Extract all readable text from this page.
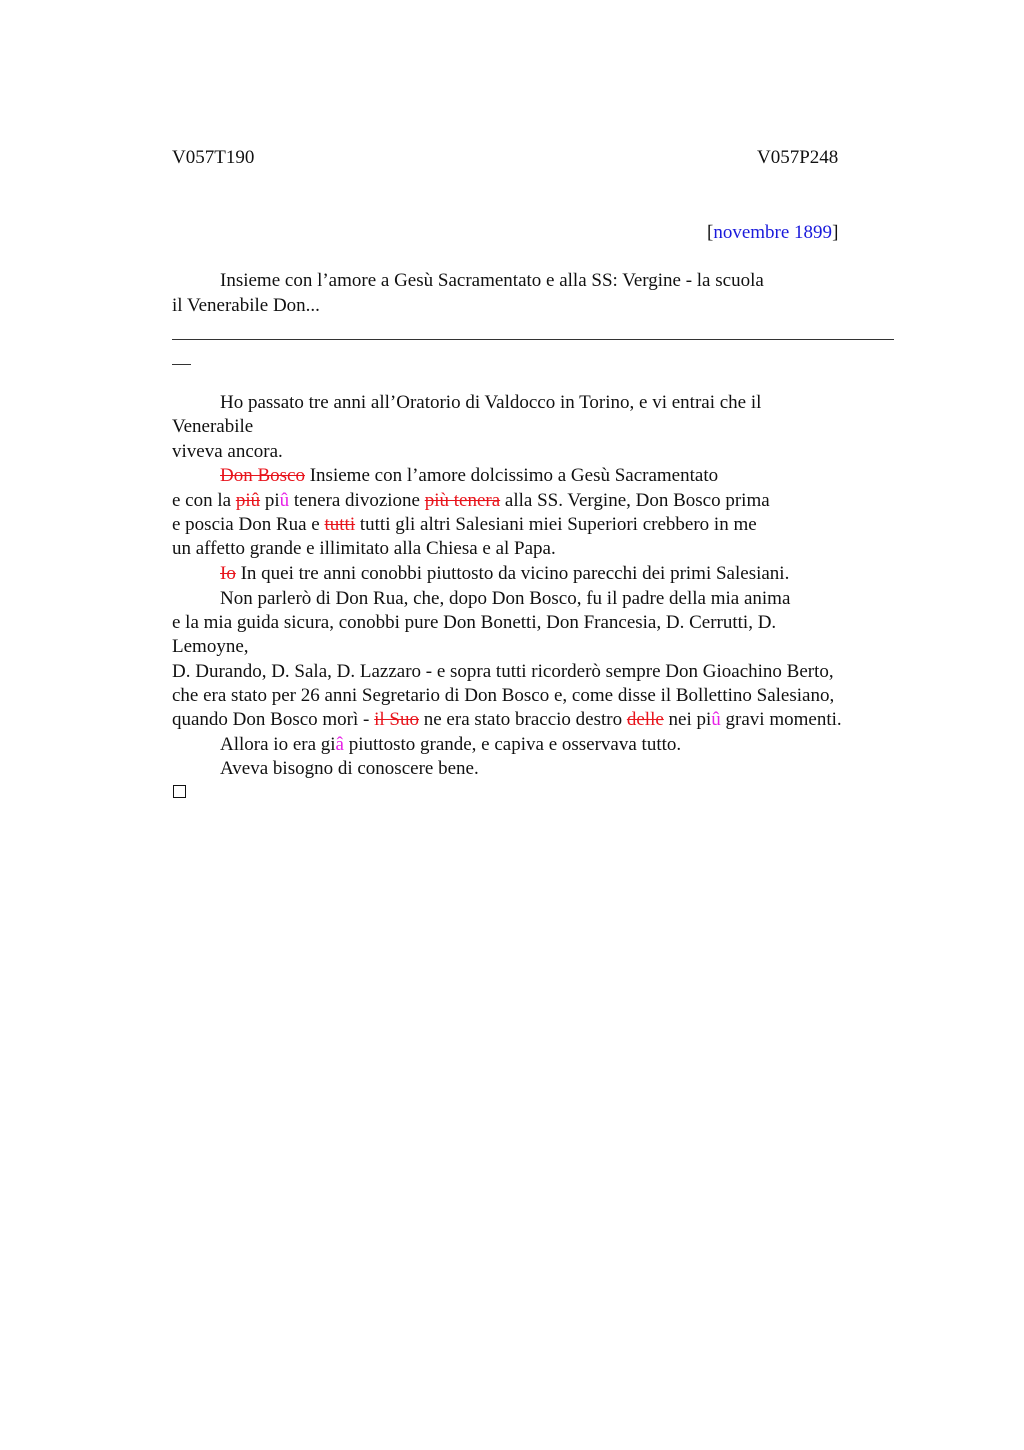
V057T190	V057P248
[novembre 1899]
Insieme con l’amore a Gesù Sacramentato e alla SS: Vergine - la scuola
il Venerabile Don...
Ho passato tre anni all’Oratorio di Valdocco in Torino, e vi entrai che il
Venerabile
viveva ancora.
Don Bosco Insieme con l’amore dolcissimo a Gesù Sacramentato
e con la piû piû tenera divozione più tenera alla SS. Vergine, Don Bosco prima
e poscia Don Rua e tutti tutti gli altri Salesiani miei Superiori crebbero in me
un affetto grande e illimitato alla Chiesa e al Papa.
Io In quei tre anni conobbi piuttosto da vicino parecchi dei primi Salesiani.
Non parlerò di Don Rua, che, dopo Don Bosco, fu il padre della mia anima
e la mia guida sicura, conobbi pure Don Bonetti, Don Francesia, D. Cerrutti, D.
Lemoyne,
D. Durando, D. Sala, D. Lazzaro - e sopra tutti ricorderò sempre Don Gioachino Berto,
che era stato per 26 anni Segretario di Don Bosco e, come disse il Bollettino Salesiano,
quando Don Bosco morì - il Suo ne era stato braccio destro delle nei piû gravi momenti.
Allora io era giâ piuttosto grande, e capiva e osservava tutto.
Aveva bisogno di conoscere bene.
